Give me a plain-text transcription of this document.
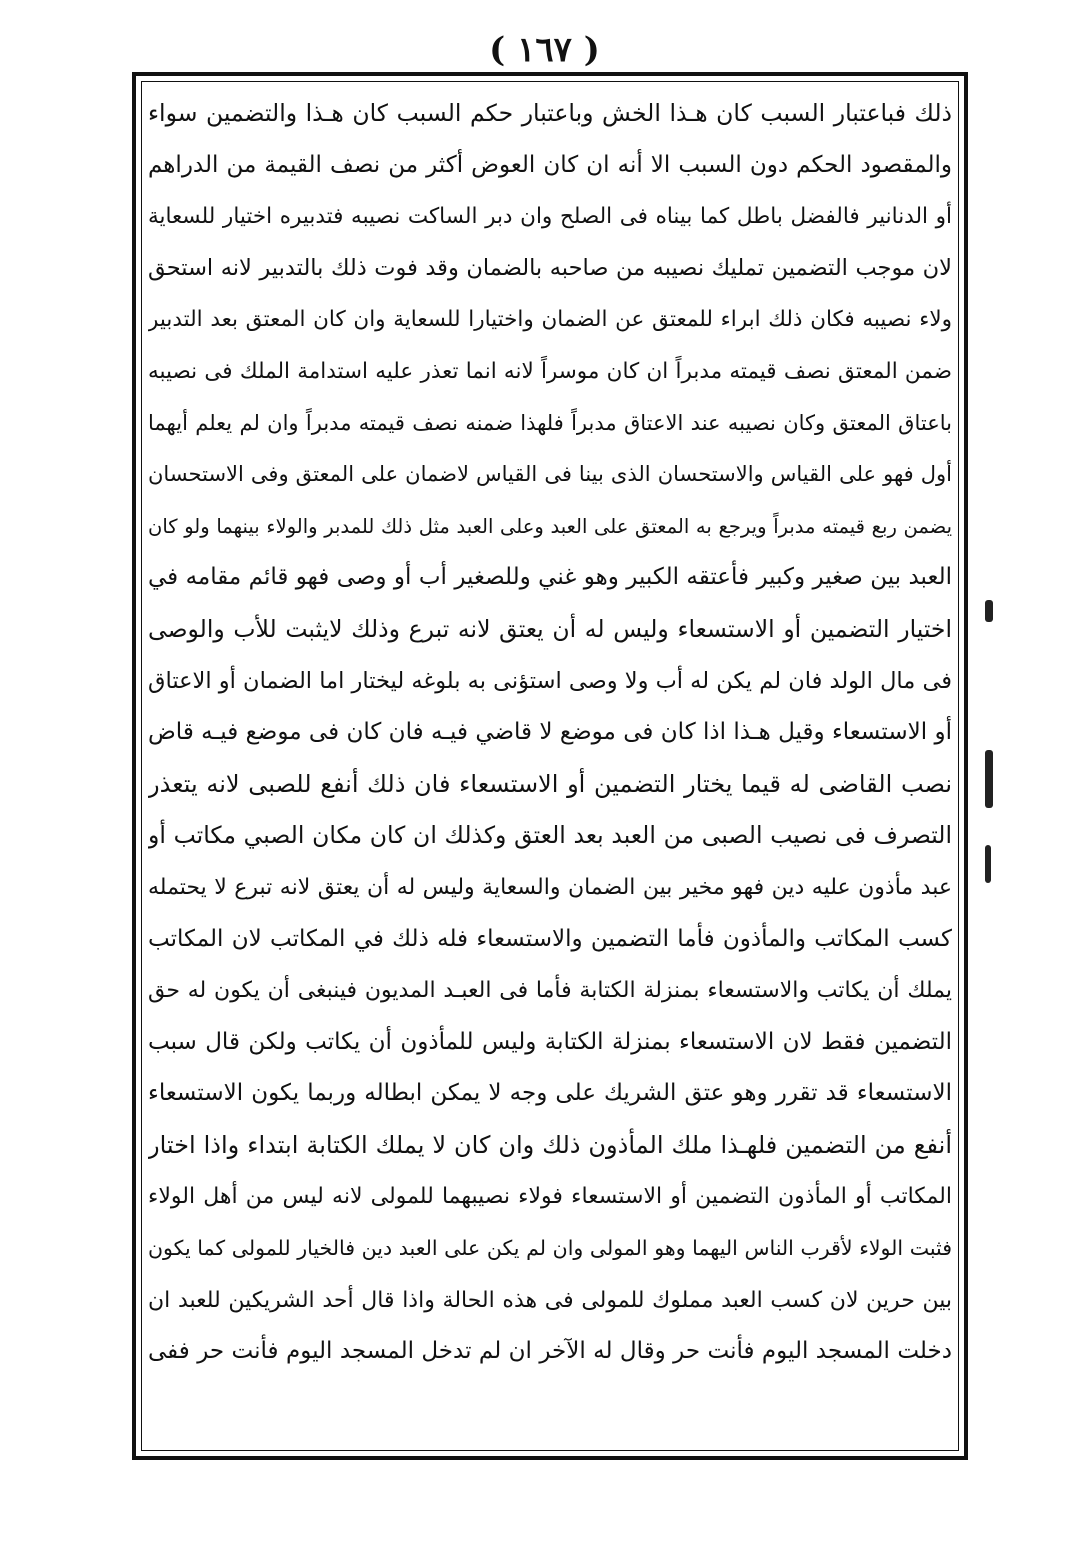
( ١٦٧ )
ذلك فباعتبار السبب كان هـذا الخش وباعتبار حكم السبب كان هـذا والتضمين سواء
والمقصود الحكم دون السبب الا أنه ان كان العوض أكثر من نصف القيمة من الدراهم
أو الدنانير فالفضل باطل كما بيناه فى الصلح وان دبر الساكت نصيبه فتدبيره اختيار للسعاية
لان موجب التضمين تمليك نصيبه من صاحبه بالضمان وقد فوت ذلك بالتدبير لانه استحق
ولاء نصيبه فكان ذلك ابراء للمعتق عن الضمان واختيارا للسعاية وان كان المعتق بعد التدبير
ضمن المعتق نصف قيمته مدبراً ان كان موسراً لانه انما تعذر عليه استدامة الملك فى نصيبه
باعتاق المعتق وكان نصيبه عند الاعتاق مدبراً فلهذا ضمنه نصف قيمته مدبراً وان لم يعلم أيهما
أول فهو على القياس والاستحسان الذى بينا فى القياس لاضمان على المعتق وفى الاستحسان
يضمن ربع قيمته مدبراً ويرجع به المعتق على العبد وعلى العبد مثل ذلك للمدبر والولاء بينهما ولو كان
العبد بين صغير وكبير فأعتقه الكبير وهو غني وللصغير أب أو وصى فهو قائم مقامه في
اختيار التضمين أو الاستسعاء وليس له أن يعتق لانه تبرع وذلك لايثبت للأب والوصى
فى مال الولد فان لم يكن له أب ولا وصى استؤنى به بلوغه ليختار اما الضمان أو الاعتاق
أو الاستسعاء وقيل هـذا اذا كان فى موضع لا قاضي فيـه فان كان فى موضع فيـه قاض
نصب القاضى له قيما يختار التضمين أو الاستسعاء فان ذلك أنفع للصبى لانه يتعذر
التصرف فى نصيب الصبى من العبد بعد العتق وكذلك ان كان مكان الصبي مكاتب أو
عبد مأذون عليه دين فهو مخير بين الضمان والسعاية وليس له أن يعتق لانه تبرع لا يحتمله
كسب المكاتب والمأذون فأما التضمين والاستسعاء فله ذلك في المكاتب لان المكاتب
يملك أن يكاتب والاستسعاء بمنزلة الكتابة فأما فى العبـد المديون فينبغى أن يكون له حق
التضمين فقط لان الاستسعاء بمنزلة الكتابة وليس للمأذون أن يكاتب ولكن قال سبب
الاستسعاء قد تقرر وهو عتق الشريك على وجه لا يمكن ابطاله وربما يكون الاستسعاء
أنفع من التضمين فلهـذا ملك المأذون ذلك وان كان لا يملك الكتابة ابتداء واذا اختار
المكاتب أو المأذون التضمين أو الاستسعاء فولاء نصيبهما للمولى لانه ليس من أهل الولاء
فثبت الولاء لأقرب الناس اليهما وهو المولى وان لم يكن على العبد دين فالخيار للمولى كما يكون
بين حرين لان كسب العبد مملوك للمولى فى هذه الحالة واذا قال أحد الشريكين للعبد ان
دخلت المسجد اليوم فأنت حر وقال له الآخر ان لم تدخل المسجد اليوم فأنت حر ففى
